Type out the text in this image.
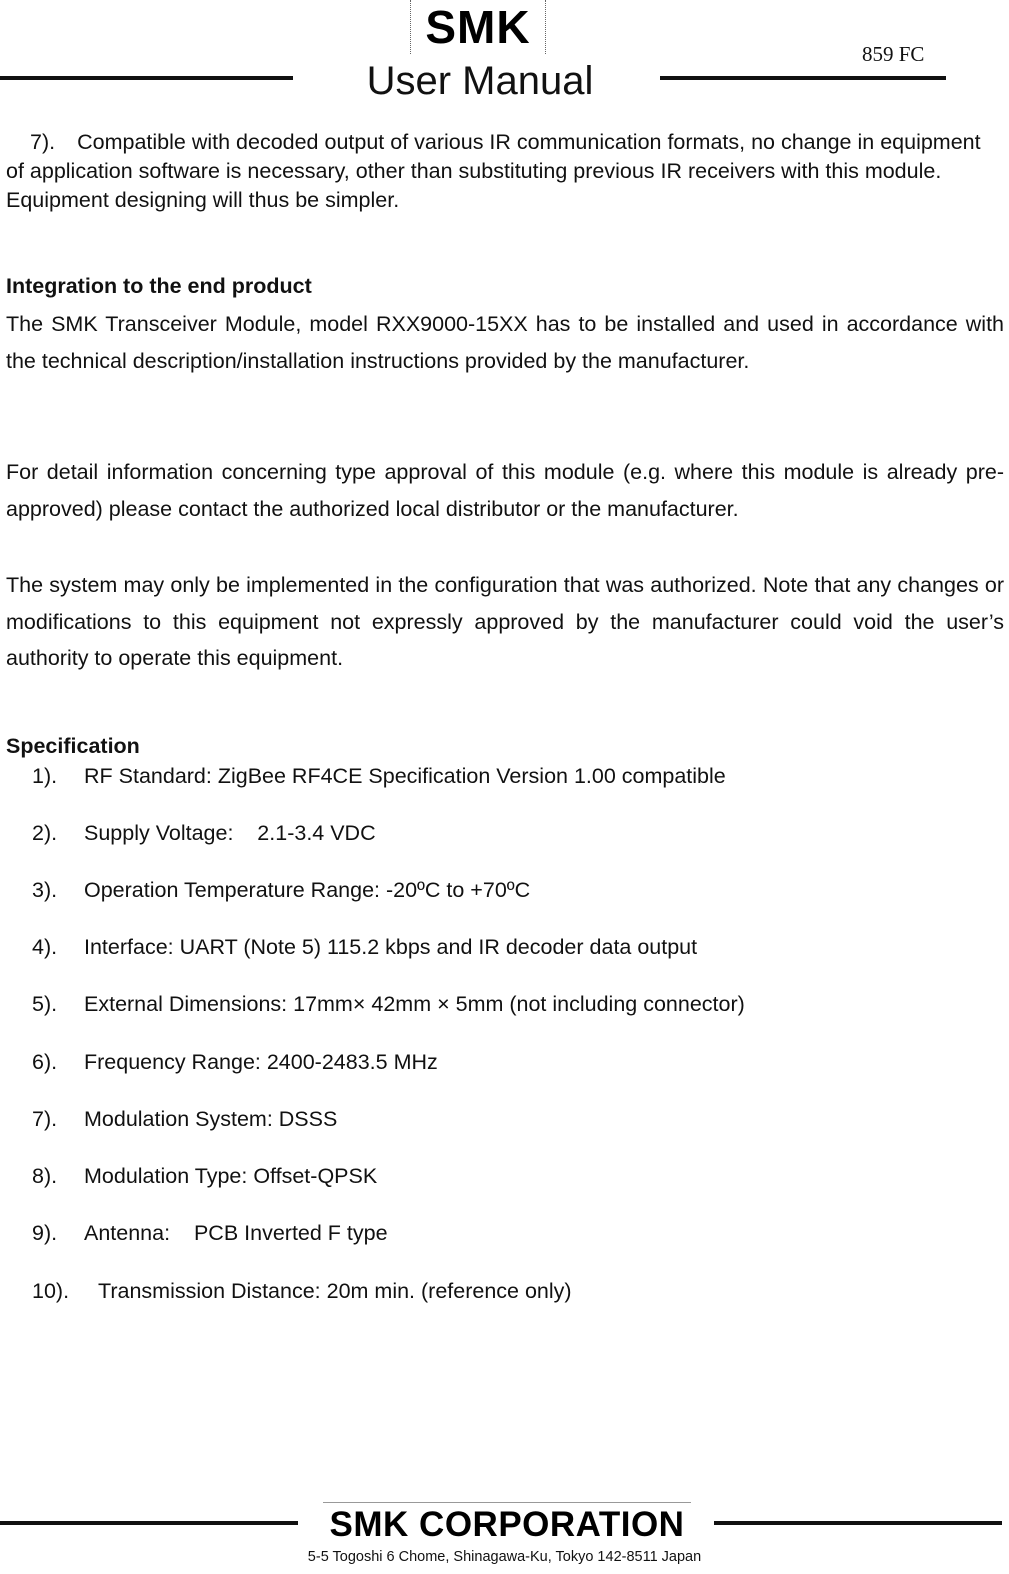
SMK
User Manual
859 FC
7). Compatible with decoded output of various IR communication formats, no change in equipment of application software is necessary, other than substituting previous IR receivers with this module. Equipment designing will thus be simpler.
Integration to the end product

The SMK Transceiver Module, model RXX9000-15XX has to be installed and used in accordance with the technical description/installation instructions provided by the manufacturer.

For detail information concerning type approval of this module (e.g. where this module is already pre-approved) please contact the authorized local distributor or the manufacturer.

The system may only be implemented in the configuration that was authorized. Note that any changes or modifications to this equipment not expressly approved by the manufacturer could void the user’s authority to operate this equipment.

Specification
1). RF Standard: ZigBee RF4CE Specification Version 1.00 compatible
2). Supply Voltage:    2.1-3.4 VDC
3). Operation Temperature Range: -20ºC to +70ºC
4). Interface: UART (Note 5) 115.2 kbps and IR decoder data output
5). External Dimensions: 17mm× 42mm × 5mm (not including connector)
6). Frequency Range: 2400-2483.5 MHz
7). Modulation System: DSSS
8). Modulation Type: Offset-QPSK
9). Antenna:    PCB Inverted F type
10). Transmission Distance: 20m min. (reference only)
SMK CORPORATION
5-5 Togoshi 6 Chome, Shinagawa-Ku, Tokyo 142-8511 Japan
